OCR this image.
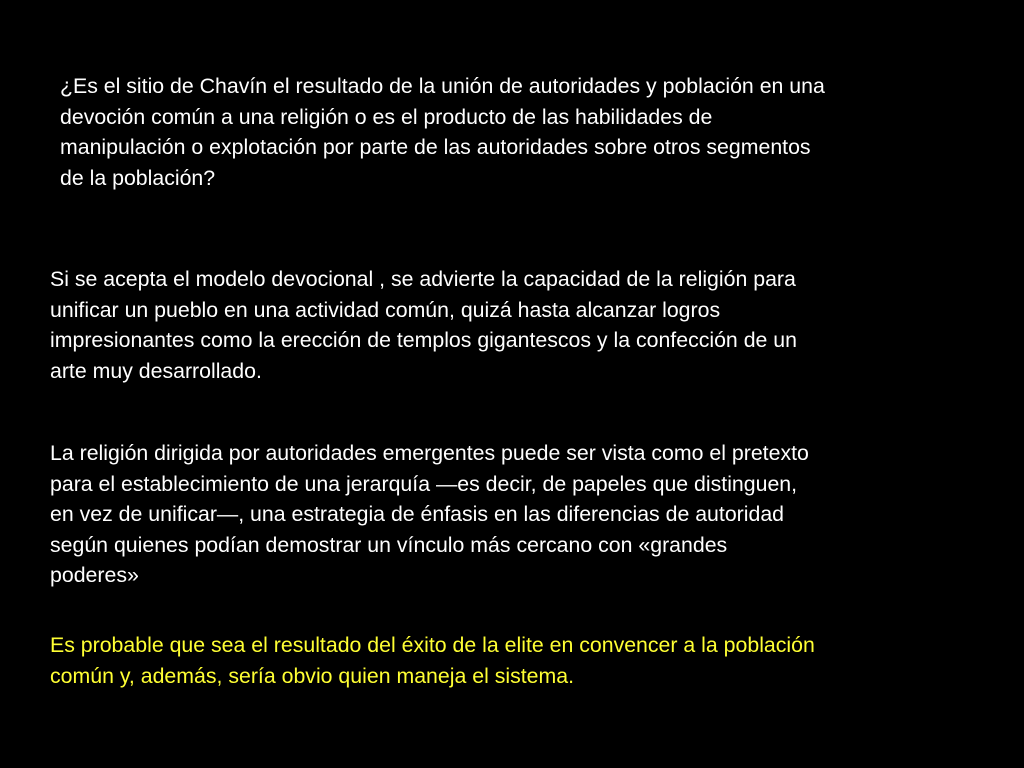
¿Es el sitio de Chavín el resultado de la unión de autoridades y población en una
devoción común a una religión o es el producto de las habilidades de
manipulación o explotación por parte de las autoridades sobre otros segmentos
de la población?

Si se acepta el modelo devocional , se advierte la capacidad de la religión para
unificar un pueblo en una actividad común, quizá hasta alcanzar logros
impresionantes como la erección de templos gigantescos y la confección de un
arte muy desarrollado.

La religión dirigida por autoridades emergentes puede ser vista como el pretexto
para el establecimiento de una jerarquía —es decir, de papeles que distinguen,
en vez de unificar—, una estrategia de énfasis en las diferencias de autoridad
según quienes podían demostrar un vínculo más cercano con «grandes
poderes»

Es probable que sea el resultado del éxito de la elite en convencer a la población
común y, además, sería obvio quien maneja el sistema.
